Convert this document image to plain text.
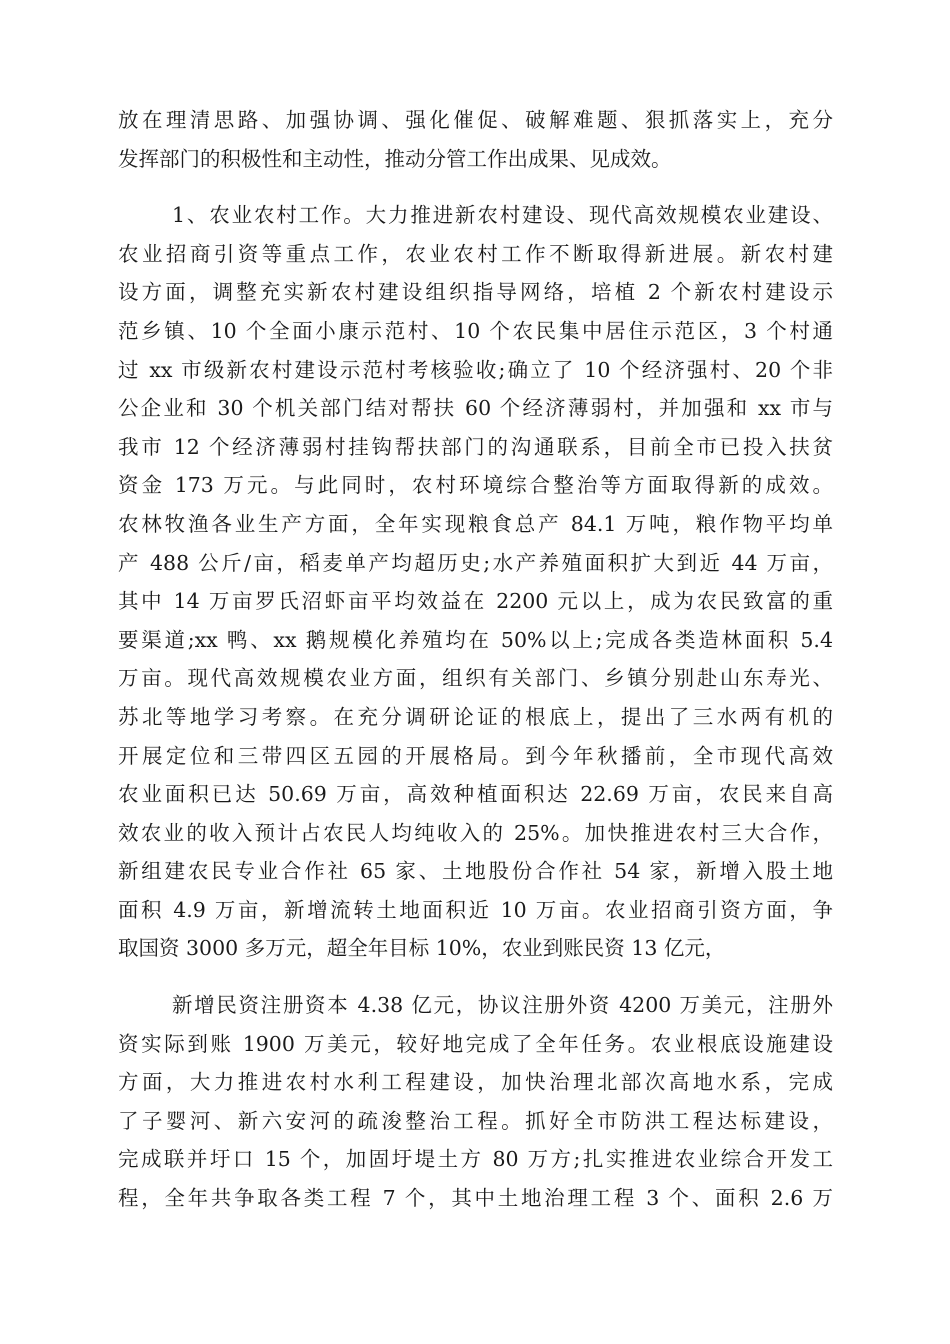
放在理清思路、加强协调、强化催促、破解难题、狠抓落实上，充分
发挥部门的积极性和主动性，推动分管工作出成果、见成效。
1、农业农村工作。大力推进新农村建设、现代高效规模农业建设、
农业招商引资等重点工作，农业农村工作不断取得新进展。新农村建
设方面，调整充实新农村建设组织指导网络，培植 2 个新农村建设示
范乡镇、10 个全面小康示范村、10 个农民集中居住示范区，3 个村通
过 xx 市级新农村建设示范村考核验收;确立了 10 个经济强村、20 个非
公企业和 30 个机关部门结对帮扶 60 个经济薄弱村，并加强和 xx 市与
我市 12 个经济薄弱村挂钩帮扶部门的沟通联系，目前全市已投入扶贫
资金 173 万元。与此同时，农村环境综合整治等方面取得新的成效。
农林牧渔各业生产方面，全年实现粮食总产 84.1 万吨，粮作物平均单
产 488 公斤/亩，稻麦单产均超历史;水产养殖面积扩大到近 44 万亩，
其中 14 万亩罗氏沼虾亩平均效益在 2200 元以上，成为农民致富的重
要渠道;xx 鸭、xx 鹅规模化养殖均在 50%以上;完成各类造林面积 5.4
万亩。现代高效规模农业方面，组织有关部门、乡镇分别赴山东寿光、
苏北等地学习考察。在充分调研论证的根底上，提出了三水两有机的
开展定位和三带四区五园的开展格局。到今年秋播前，全市现代高效
农业面积已达 50.69 万亩，高效种植面积达 22.69 万亩，农民来自高
效农业的收入预计占农民人均纯收入的 25%。加快推进农村三大合作，
新组建农民专业合作社 65 家、土地股份合作社 54 家，新增入股土地
面积 4.9 万亩，新增流转土地面积近 10 万亩。农业招商引资方面，争
取国资 3000 多万元，超全年目标 10%，农业到账民资 13 亿元，
新增民资注册资本 4.38 亿元，协议注册外资 4200 万美元，注册外
资实际到账 1900 万美元，较好地完成了全年任务。农业根底设施建设
方面，大力推进农村水利工程建设，加快治理北部次高地水系，完成
了子婴河、新六安河的疏浚整治工程。抓好全市防洪工程达标建设，
完成联并圩口 15 个，加固圩堤土方 80 万方;扎实推进农业综合开发工
程，全年共争取各类工程 7 个，其中土地治理工程 3 个、面积 2.6 万
